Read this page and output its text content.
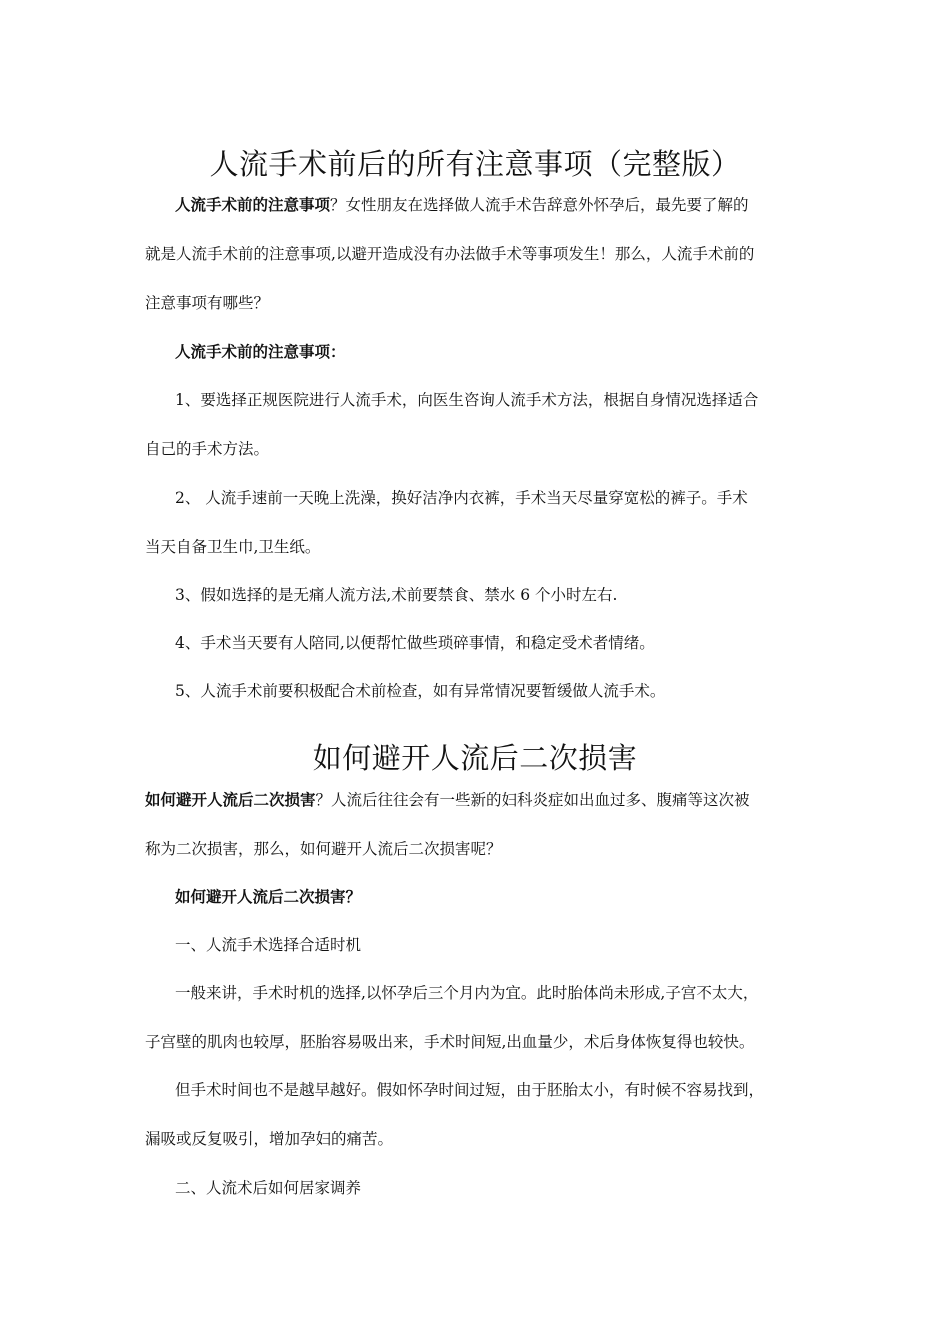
人流手术前后的所有注意事项（完整版）

人流手术前的注意事项？女性朋友在选择做人流手术告辞意外怀孕后，最先要了解的

就是人流手术前的注意事项,以避开造成没有办法做手术等事项发生！那么，人流手术前的

注意事项有哪些？

人流手术前的注意事项：

1、要选择正规医院进行人流手术，向医生咨询人流手术方法，根据自身情况选择适合

自己的手术方法。

2、 人流手速前一天晚上洗澡，换好洁净内衣裤，手术当天尽量穿宽松的裤子。手术

当天自备卫生巾,卫生纸。

3、假如选择的是无痛人流方法,术前要禁食、禁水 6 个小时左右.

4、手术当天要有人陪同,以便帮忙做些琐碎事情，和稳定受术者情绪。

5、人流手术前要积极配合术前检查，如有异常情况要暂缓做人流手术。

如何避开人流后二次损害

如何避开人流后二次损害？人流后往往会有一些新的妇科炎症如出血过多、腹痛等这次被

称为二次损害，那么，如何避开人流后二次损害呢？

如何避开人流后二次损害？

一、人流手术选择合适时机

一般来讲，手术时机的选择,以怀孕后三个月内为宜。此时胎体尚未形成,子宫不太大，

子宫壁的肌肉也较厚，胚胎容易吸出来，手术时间短,出血量少，术后身体恢复得也较快。

但手术时间也不是越早越好。假如怀孕时间过短，由于胚胎太小，有时候不容易找到，

漏吸或反复吸引，增加孕妇的痛苦。

二、人流术后如何居家调养
